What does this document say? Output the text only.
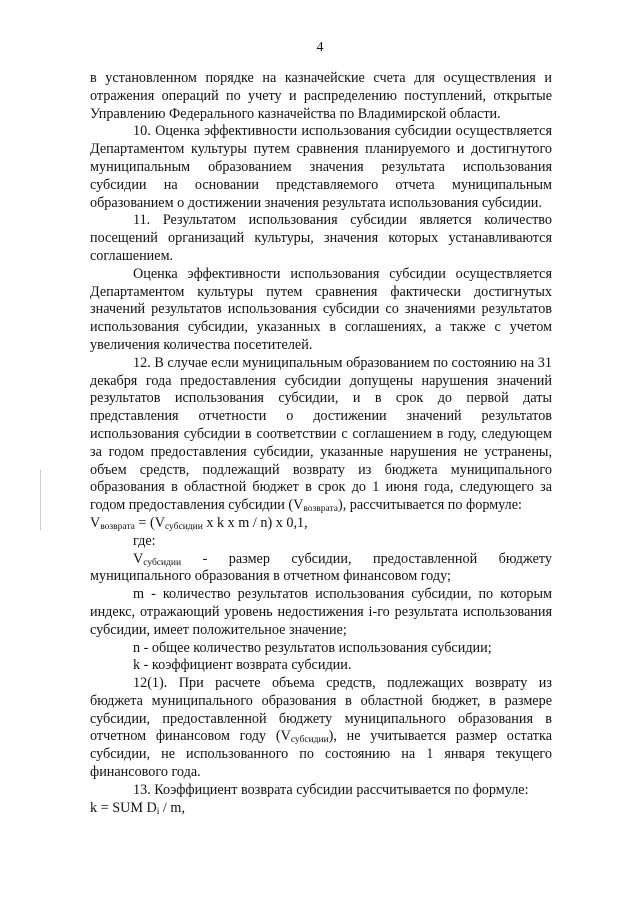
4

в установленном порядке на казначейские счета для осуществления и отражения операций по учету и распределению поступлений, открытые Управлению Федерального казначейства по Владимирской области.

10. Оценка эффективности использования субсидии осуществляется Департаментом культуры путем сравнения планируемого и достигнутого муниципальным образованием значения результата использования субсидии на основании представляемого отчета муниципальным образованием о достижении значения результата использования субсидии.

11. Результатом использования субсидии является количество посещений организаций культуры, значения которых устанавливаются соглашением.

Оценка эффективности использования субсидии осуществляется Департаментом культуры путем сравнения фактически достигнутых значений результатов использования субсидии со значениями результатов использования субсидии, указанных в соглашениях, а также с учетом увеличения количества посетителей.

12. В случае если муниципальным образованием по состоянию на 31 декабря года предоставления субсидии допущены нарушения значений результатов использования субсидии, и в срок до первой даты представления отчетности о достижении значений результатов использования субсидии в соответствии с соглашением в году, следующем за годом предоставления субсидии, указанные нарушения не устранены, объем средств, подлежащий возврату из бюджета муниципального образования в областной бюджет в срок до 1 июня года, следующего за годом предоставления субсидии $(V_{возврата})$, рассчитывается по формуле:

$V_{возврата} = (V_{субсидии}$ х k х m / n) х 0,1,

где:

$V_{субсидии}$ - размер субсидии, предоставленной бюджету муниципального образования в отчетном финансовом году;

m - количество результатов использования субсидии, по которым индекс, отражающий уровень недостижения i-го результата использования субсидии, имеет положительное значение;

n - общее количество результатов использования субсидии;

k - коэффициент возврата субсидии.

12(1). При расчете объема средств, подлежащих возврату из бюджета муниципального образования в областной бюджет, в размере субсидии, предоставленной бюджету муниципального образования в отчетном финансовом году $(V_{субсидии})$, не учитывается размер остатка субсидии, не использованного по состоянию на 1 января текущего финансового года.

13. Коэффициент возврата субсидии рассчитывается по формуле:

k = SUM $D_i$ / m,
